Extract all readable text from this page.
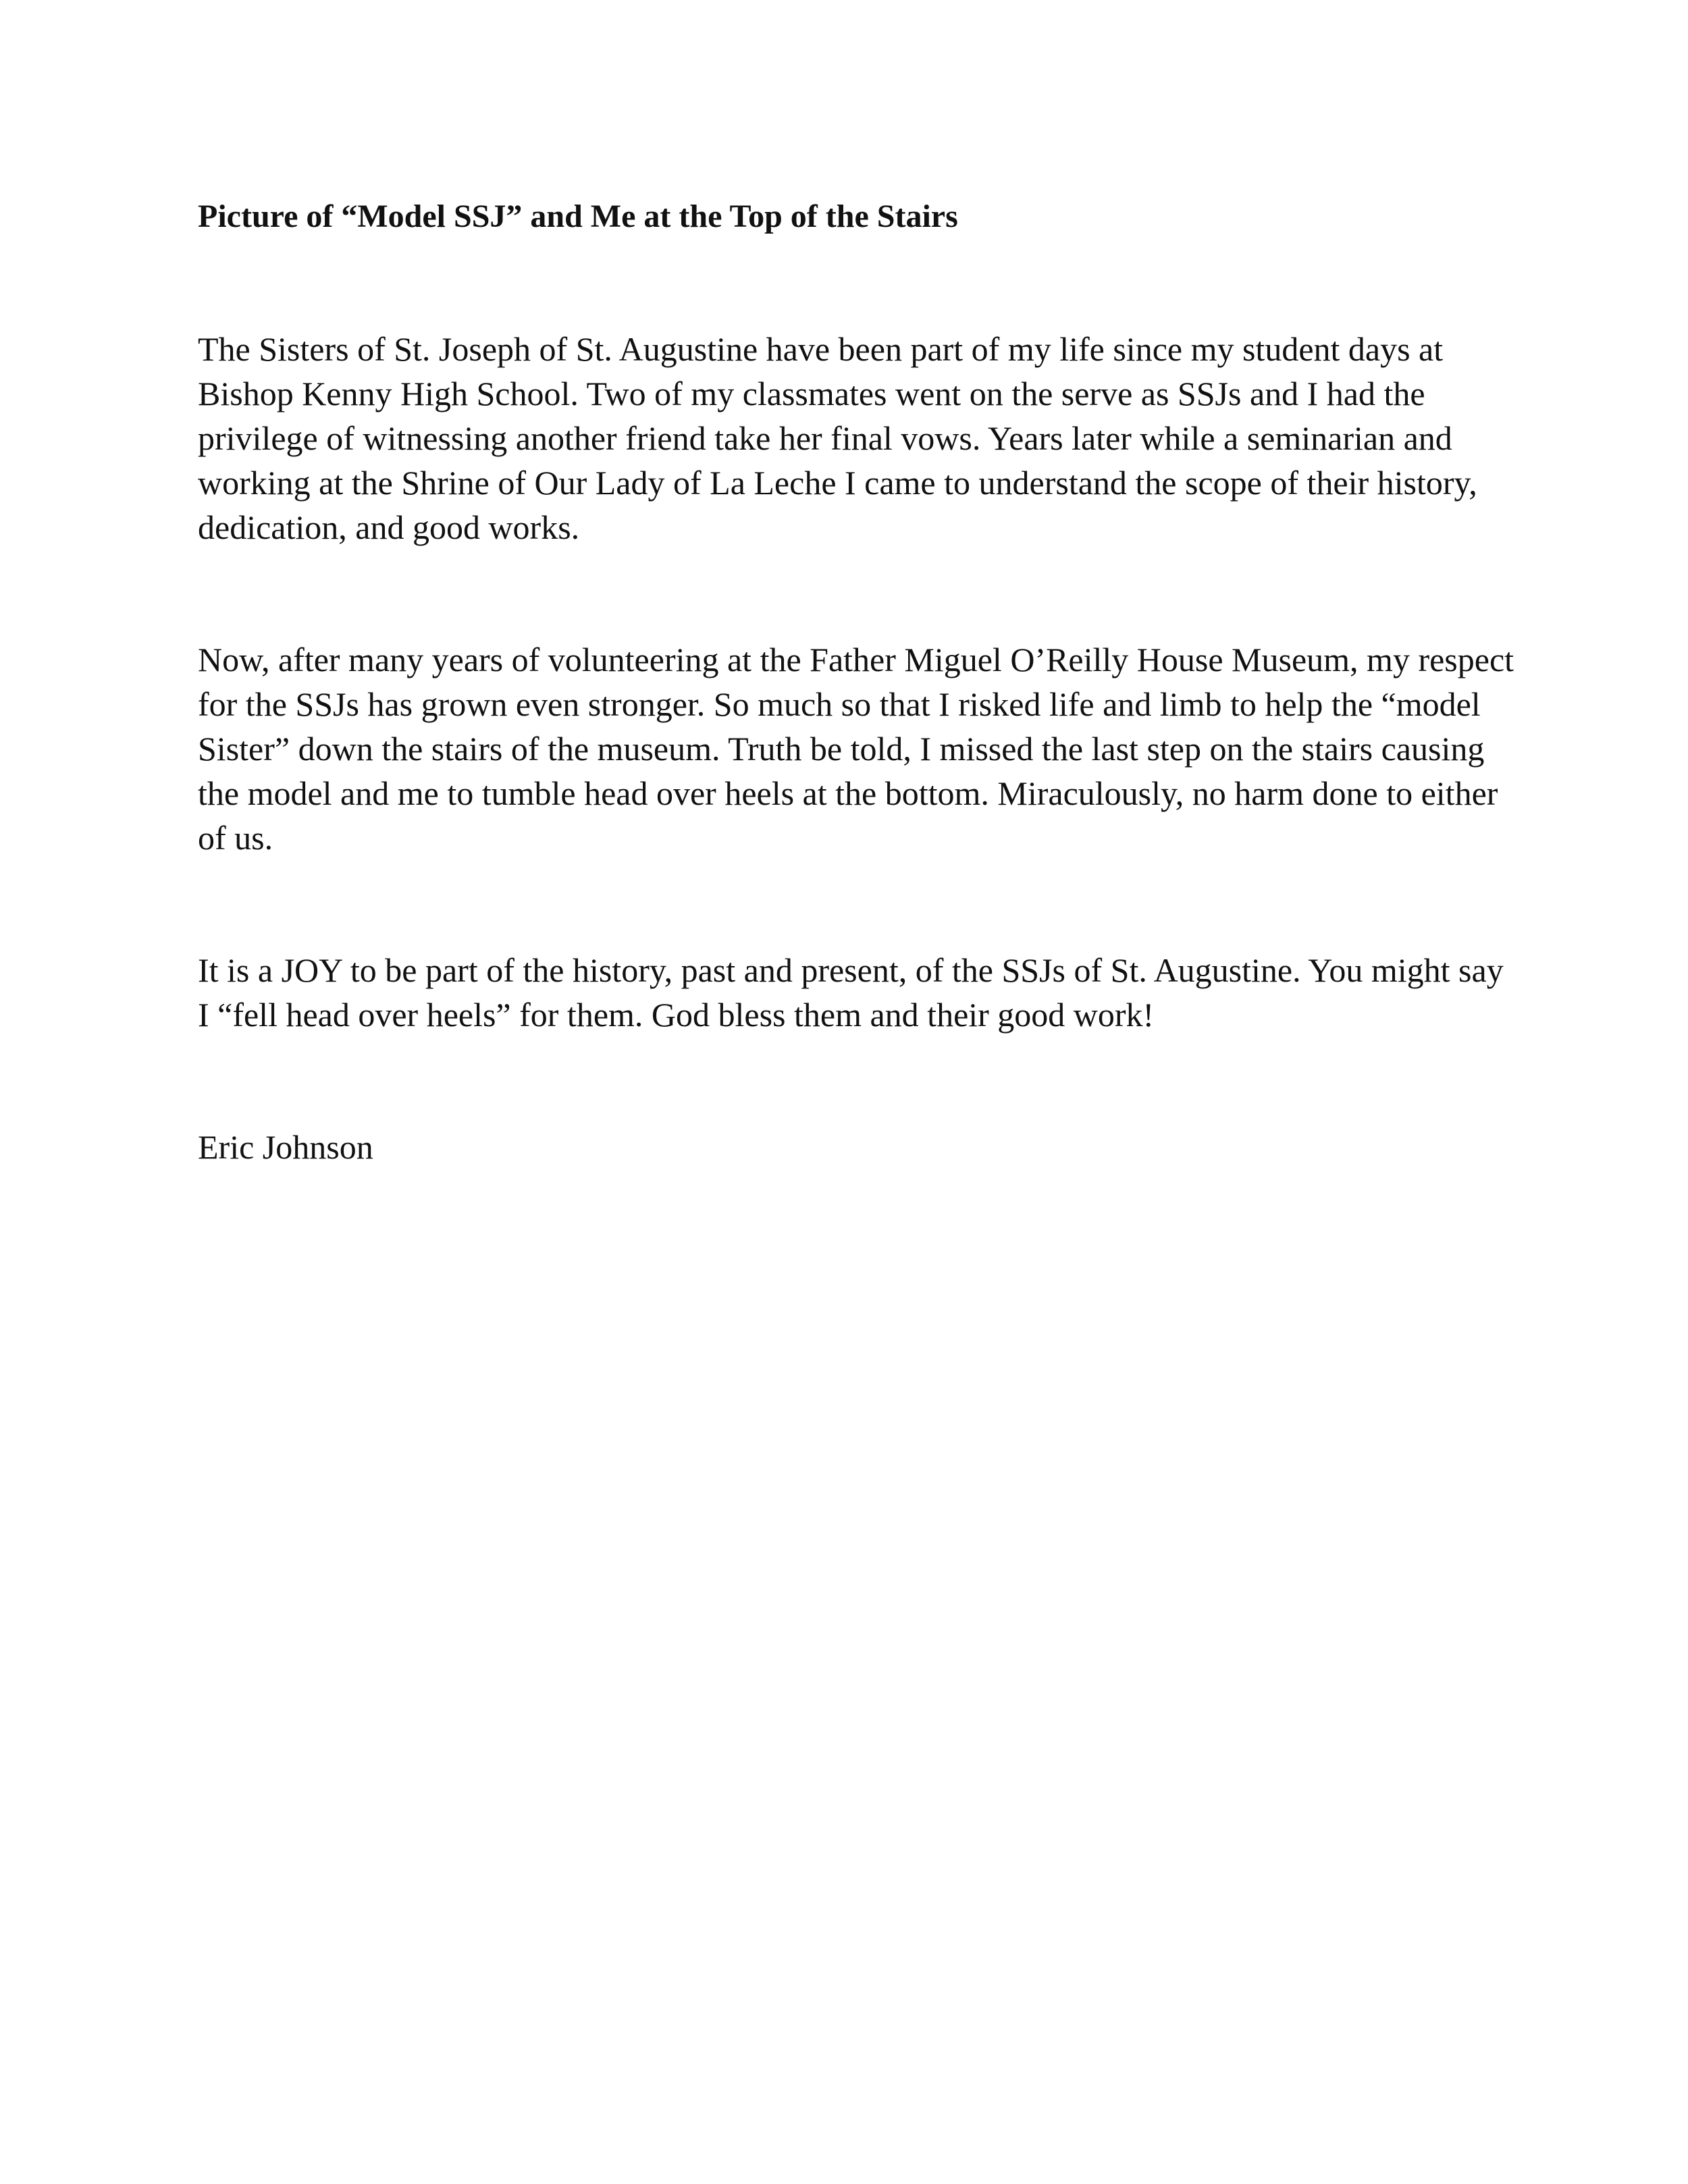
Picture of “Model SSJ” and Me at the Top of the Stairs

The Sisters of St. Joseph of St. Augustine have been part of my life since my student days at
Bishop Kenny High School. Two of my classmates went on the serve as SSJs and I had the
privilege of witnessing another friend take her final vows. Years later while a seminarian and
working at the Shrine of Our Lady of La Leche I came to understand the scope of their history,
dedication, and good works.

Now, after many years of volunteering at the Father Miguel O’Reilly House Museum, my respect
for the SSJs has grown even stronger. So much so that I risked life and limb to help the “model
Sister” down the stairs of the museum. Truth be told, I missed the last step on the stairs causing
the model and me to tumble head over heels at the bottom. Miraculously, no harm done to either
of us.

It is a JOY to be part of the history, past and present, of the SSJs of St. Augustine. You might say
I “fell head over heels” for them. God bless them and their good work!

Eric Johnson
